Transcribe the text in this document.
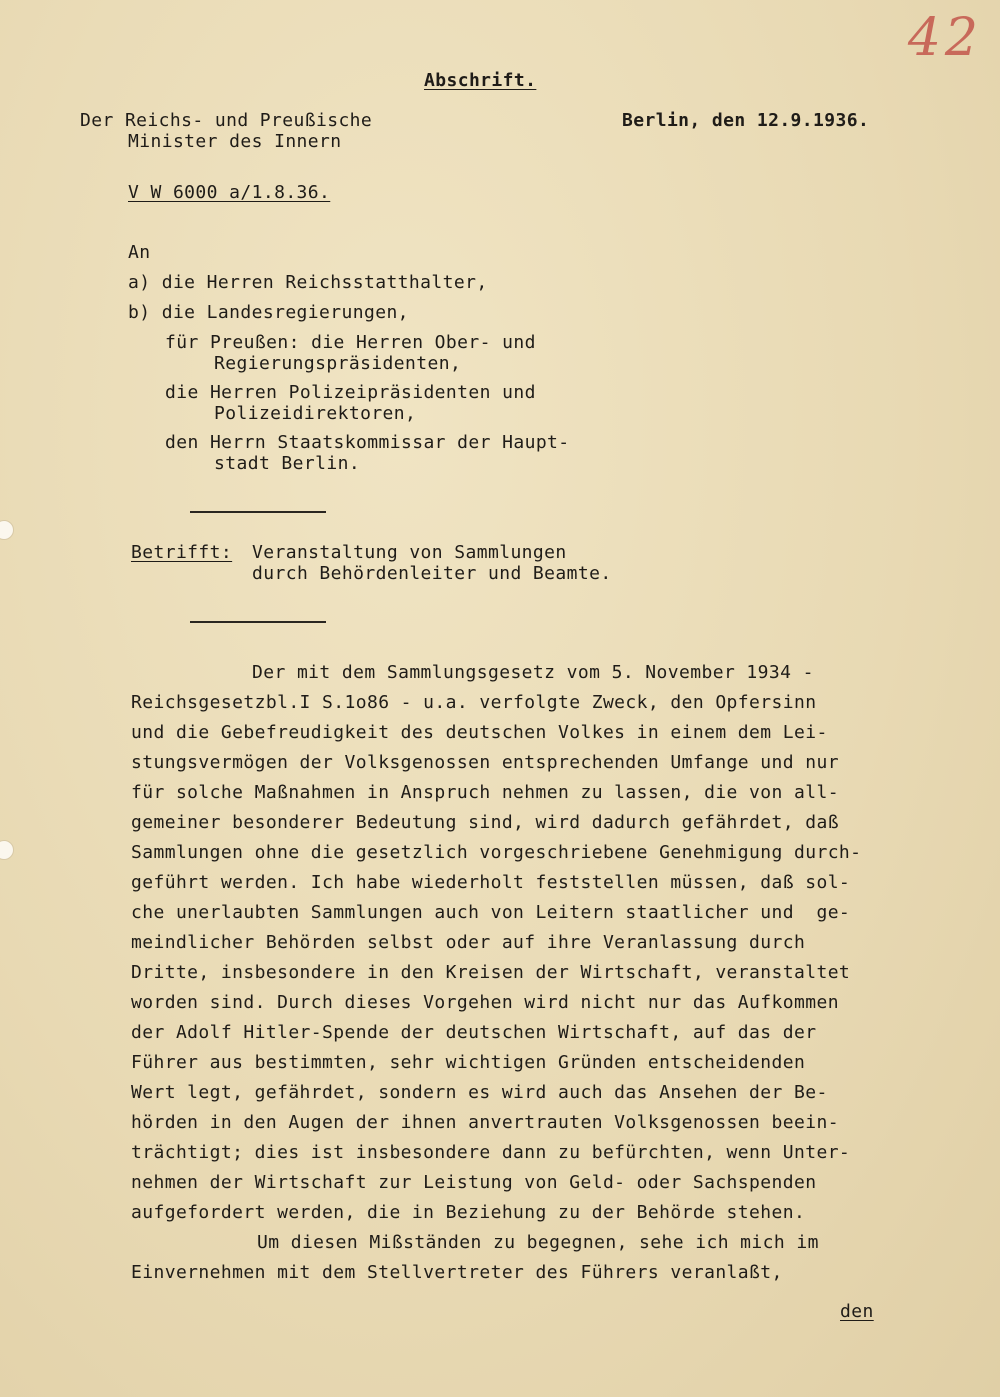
42
Abschrift.
Der Reichs- und Preußische
Minister des Innern
Berlin, den 12.9.1936.
V W 6000 a/1.8.36.
An
a) die Herren Reichsstatthalter,
b) die Landesregierungen,
für Preußen: die Herren Ober- und
Regierungspräsidenten,
die Herren Polizeipräsidenten und
Polizeidirektoren,
den Herrn Staatskommissar der Haupt-
stadt Berlin.
Betrifft: Veranstaltung von Sammlungen
durch Behördenleiter und Beamte.
Der mit dem Sammlungsgesetz vom 5. November 1934 -
Reichsgesetzbl.I S.1o86 - u.a. verfolgte Zweck, den Opfersinn
und die Gebefreudigkeit des deutschen Volkes in einem dem Lei-
stungsvermögen der Volksgenossen entsprechenden Umfange und nur
für solche Maßnahmen in Anspruch nehmen zu lassen, die von all-
gemeiner besonderer Bedeutung sind, wird dadurch gefährdet, daß
Sammlungen ohne die gesetzlich vorgeschriebene Genehmigung durch-
geführt werden. Ich habe wiederholt feststellen müssen, daß sol-
che unerlaubten Sammlungen auch von Leitern staatlicher und  ge-
meindlicher Behörden selbst oder auf ihre Veranlassung durch
Dritte, insbesondere in den Kreisen der Wirtschaft, veranstaltet
worden sind. Durch dieses Vorgehen wird nicht nur das Aufkommen
der Adolf Hitler-Spende der deutschen Wirtschaft, auf das der
Führer aus bestimmten, sehr wichtigen Gründen entscheidenden
Wert legt, gefährdet, sondern es wird auch das Ansehen der Be-
hörden in den Augen der ihnen anvertrauten Volksgenossen beein-
trächtigt; dies ist insbesondere dann zu befürchten, wenn Unter-
nehmen der Wirtschaft zur Leistung von Geld- oder Sachspenden
aufgefordert werden, die in Beziehung zu der Behörde stehen.
Um diesen Mißständen zu begegnen, sehe ich mich im
Einvernehmen mit dem Stellvertreter des Führers veranlaßt,
den
